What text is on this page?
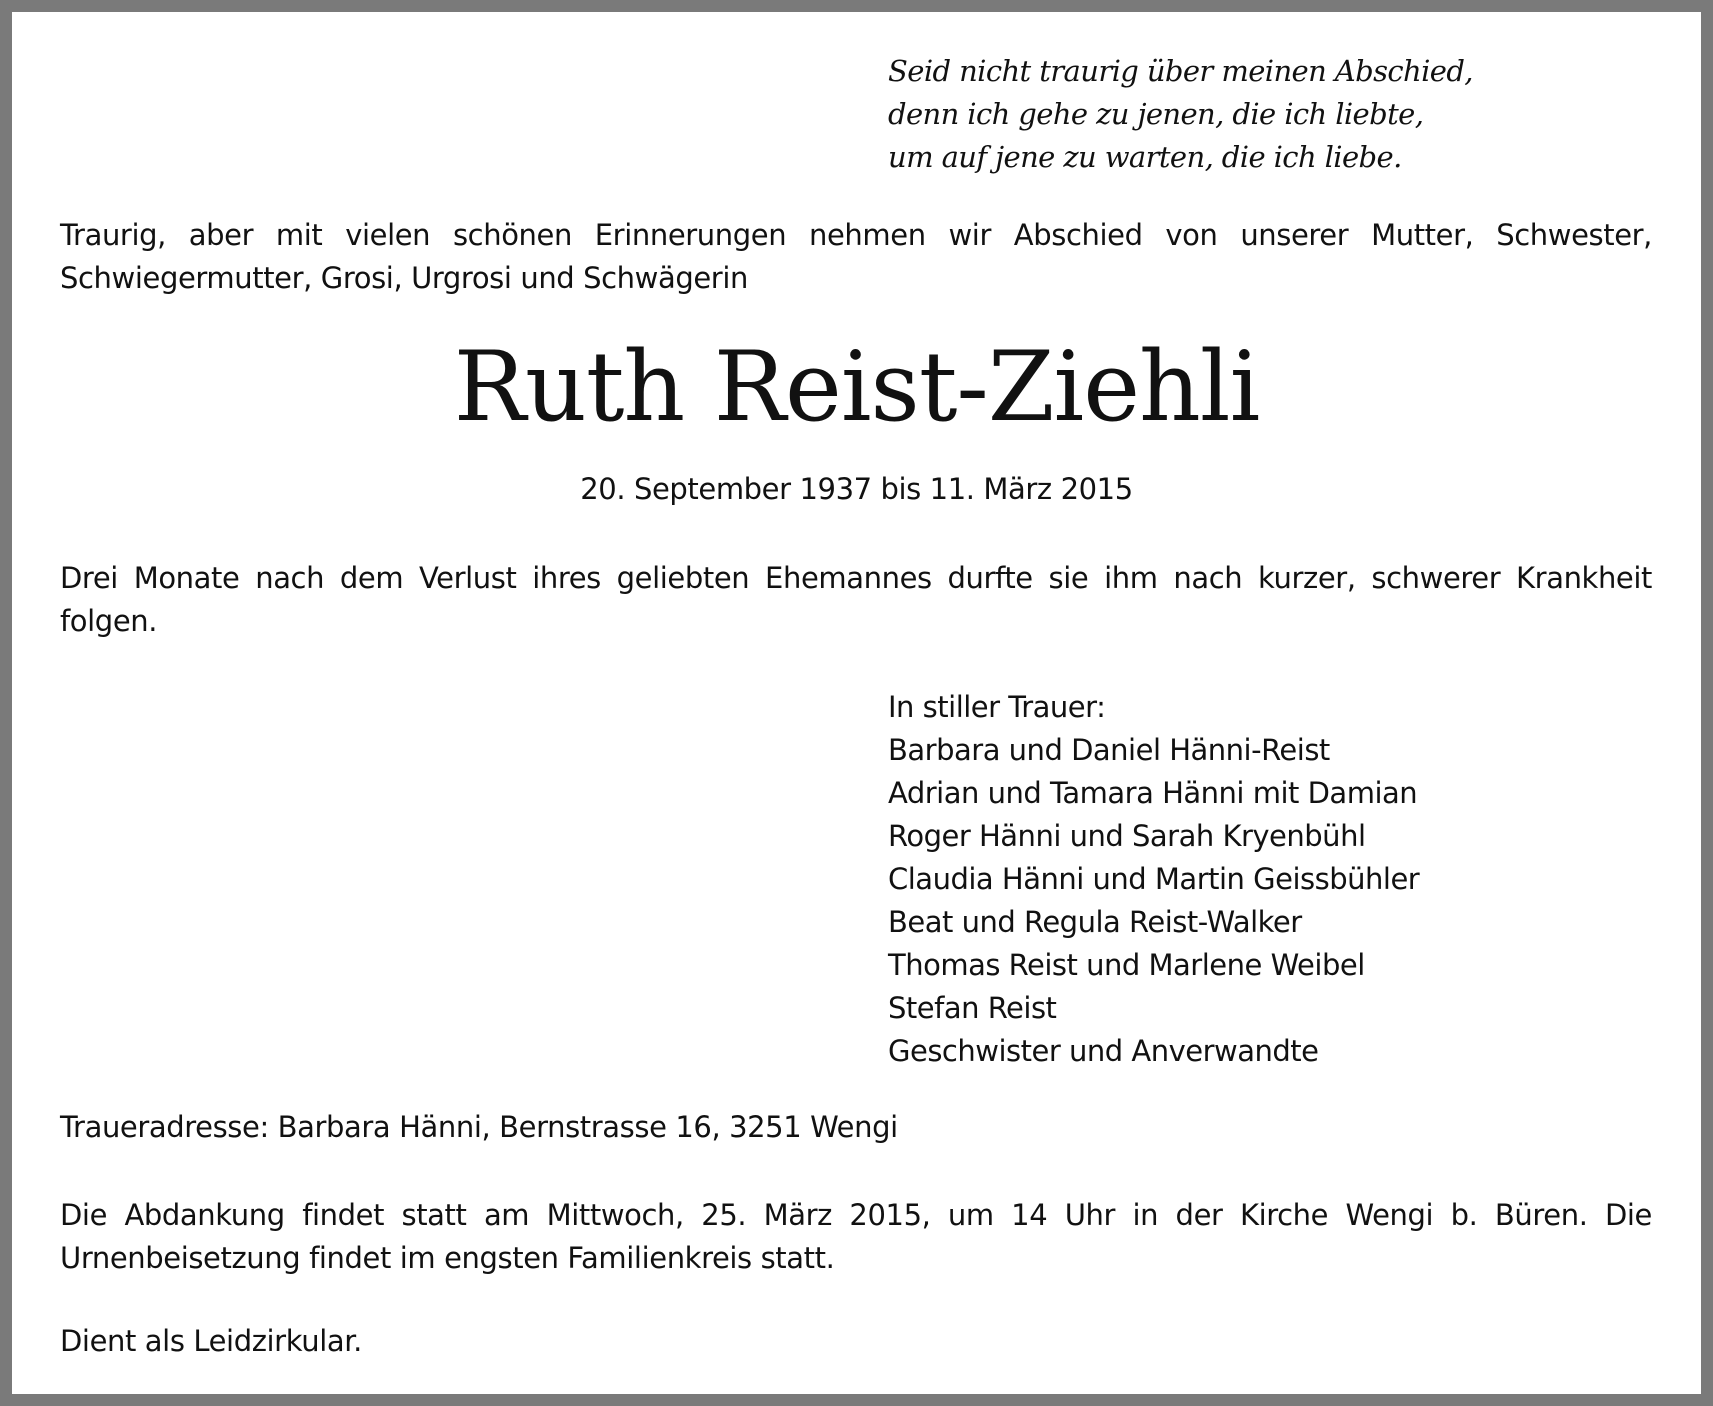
Seid nicht traurig über meinen Abschied,
denn ich gehe zu jenen, die ich liebte,
um auf jene zu warten, die ich liebe.
Traurig, aber mit vielen schönen Erinnerungen nehmen wir Abschied von unserer Mutter, Schwester, Schwiegermutter, Grosi, Urgrosi und Schwägerin
Ruth Reist-Ziehli
20. September 1937 bis 11. März 2015
Drei Monate nach dem Verlust ihres geliebten Ehemannes durfte sie ihm nach kurzer, schwerer Krankheit folgen.
In stiller Trauer:
Barbara und Daniel Hänni-Reist
Adrian und Tamara Hänni mit Damian
Roger Hänni und Sarah Kryenbühl
Claudia Hänni und Martin Geissbühler
Beat und Regula Reist-Walker
Thomas Reist und Marlene Weibel
Stefan Reist
Geschwister und Anverwandte
Traueradresse: Barbara Hänni, Bernstrasse 16, 3251 Wengi
Die Abdankung findet statt am Mittwoch, 25. März 2015, um 14 Uhr in der Kirche Wengi b. Büren. Die Urnenbeisetzung findet im engsten Familienkreis statt.
Dient als Leidzirkular.
